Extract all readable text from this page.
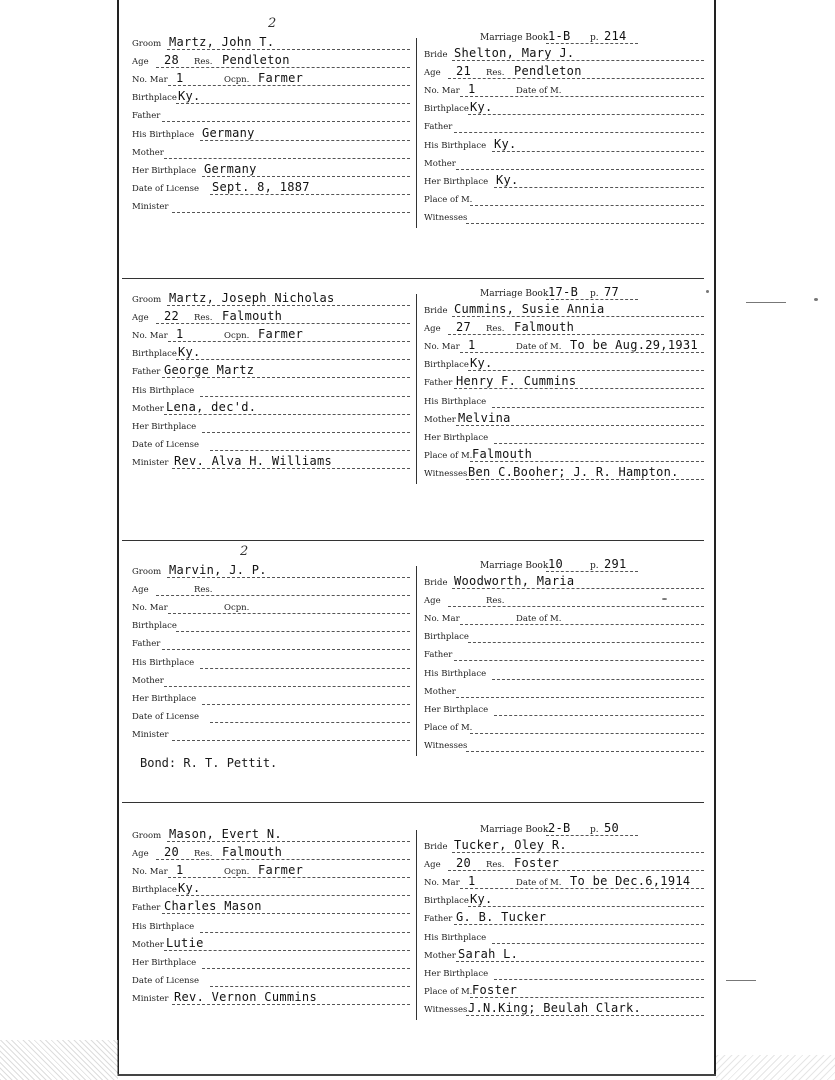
Marriage Book 1-B p. 214
Groom Martz, John T.
Age 28 Res. Pendleton
No. Mar 1	Ocpn. Farmer
Birthplace Ky.
Father
His Birthplace Germany
Mother
Her Birthplace Germany
Date of License Sept. 8, 1887
Minister
Bride Shelton, Mary J.
Age 21 Res. Pendleton
No. Mar 1	Date of M.
Birthplace Ky.
Father
His Birthplace Ky.
Mother
Her Birthplace Ky.
Place of M.
Witnesses
2
Marriage Book 17-B p. 77
Groom Martz, Joseph Nicholas
Age 22 Res. Falmouth
No. Mar 1	Ocpn. Farmer
Birthplace Ky.
Father George Martz
His Birthplace
Mother Lena, dec'd.
Her Birthplace
Date of License
Minister Rev. Alva H. Williams
Bride Cummins, Susie Annia
Age 27 Res. Falmouth
No. Mar 1	Date of M. To be Aug.29,1931
Birthplace Ky.
Father Henry F. Cummins
His Birthplace
Mother Melvina
Her Birthplace
Place of M. Falmouth
Witnesses Ben C.Booher; J. R. Hampton.
Marriage Book 10	p. 291
Groom Marvin, J. P.
Age	Res.
No. Mar	Ocpn.
Birthplace
Father
His Birthplace
Mother
Her Birthplace
Date of License
Minister
Bride Woodworth, Maria
Age	Res.
No. Mar	Date of M.
Birthplace
Father
His Birthplace
Mother
Her Birthplace
Place of M.
Witnesses
2
Bond: R. T. Pettit.
Marriage Book 2-B p. 50
Groom Mason, Evert N.
Age 20 Res. Falmouth
No. Mar 1	Ocpn. Farmer
Birthplace Ky.
Father Charles Mason
His Birthplace
Mother Lutie
Her Birthplace
Date of License
Minister Rev. Vernon Cummins
Bride Tucker, Oley R.
Age 20 Res. Foster
No. Mar 1	Date of M. To be Dec.6,1914
Birthplace Ky.
Father G. B. Tucker
His Birthplace
Mother Sarah L.
Her Birthplace
Place of M. Foster
Witnesses J.N.King; Beulah Clark.
